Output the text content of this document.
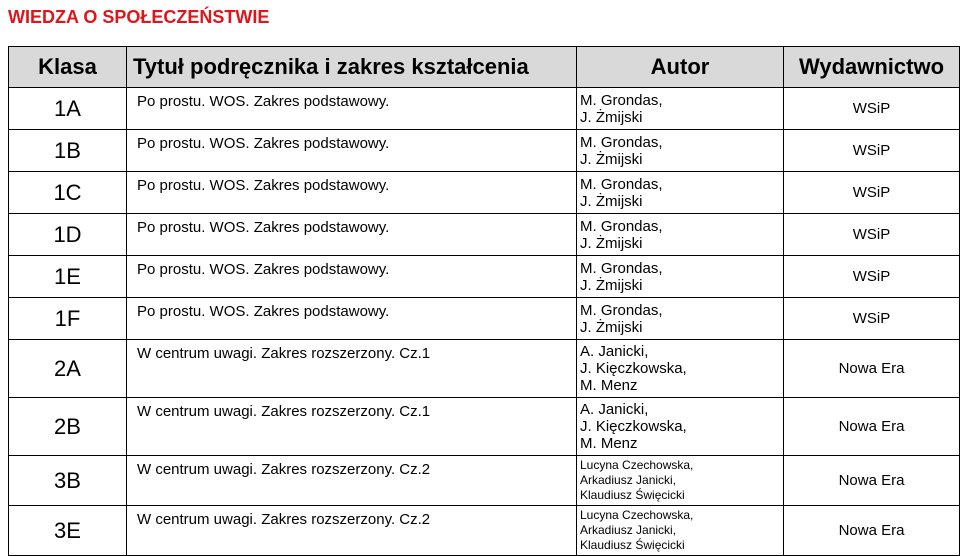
WIEDZA O SPOŁECZEŃSTWIE
Klasa	Tytuł podręcznika i zakres kształcenia	Autor	Wydawnictwo
1A	Po prostu. WOS. Zakres podstawowy.	M. Grondas,
J. Żmijski	WSiP
1B	Po prostu. WOS. Zakres podstawowy.	M. Grondas,
J. Żmijski	WSiP
1C	Po prostu. WOS. Zakres podstawowy.	M. Grondas,
J. Żmijski	WSiP
1D	Po prostu. WOS. Zakres podstawowy.	M. Grondas,
J. Żmijski	WSiP
1E	Po prostu. WOS. Zakres podstawowy.	M. Grondas,
J. Żmijski	WSiP
1F	Po prostu. WOS. Zakres podstawowy.	M. Grondas,
J. Żmijski	WSiP
2A	W centrum uwagi. Zakres rozszerzony. Cz.1	A. Janicki,
J. Kięczkowska,
M. Menz	Nowa Era
2B	W centrum uwagi. Zakres rozszerzony. Cz.1	A. Janicki,
J. Kięczkowska,
M. Menz	Nowa Era
3B	W centrum uwagi. Zakres rozszerzony. Cz.2	Lucyna Czechowska,
Arkadiusz Janicki,
Klaudiusz Święcicki	Nowa Era
3E	W centrum uwagi. Zakres rozszerzony. Cz.2	Lucyna Czechowska,
Arkadiusz Janicki,
Klaudiusz Święcicki	Nowa Era
